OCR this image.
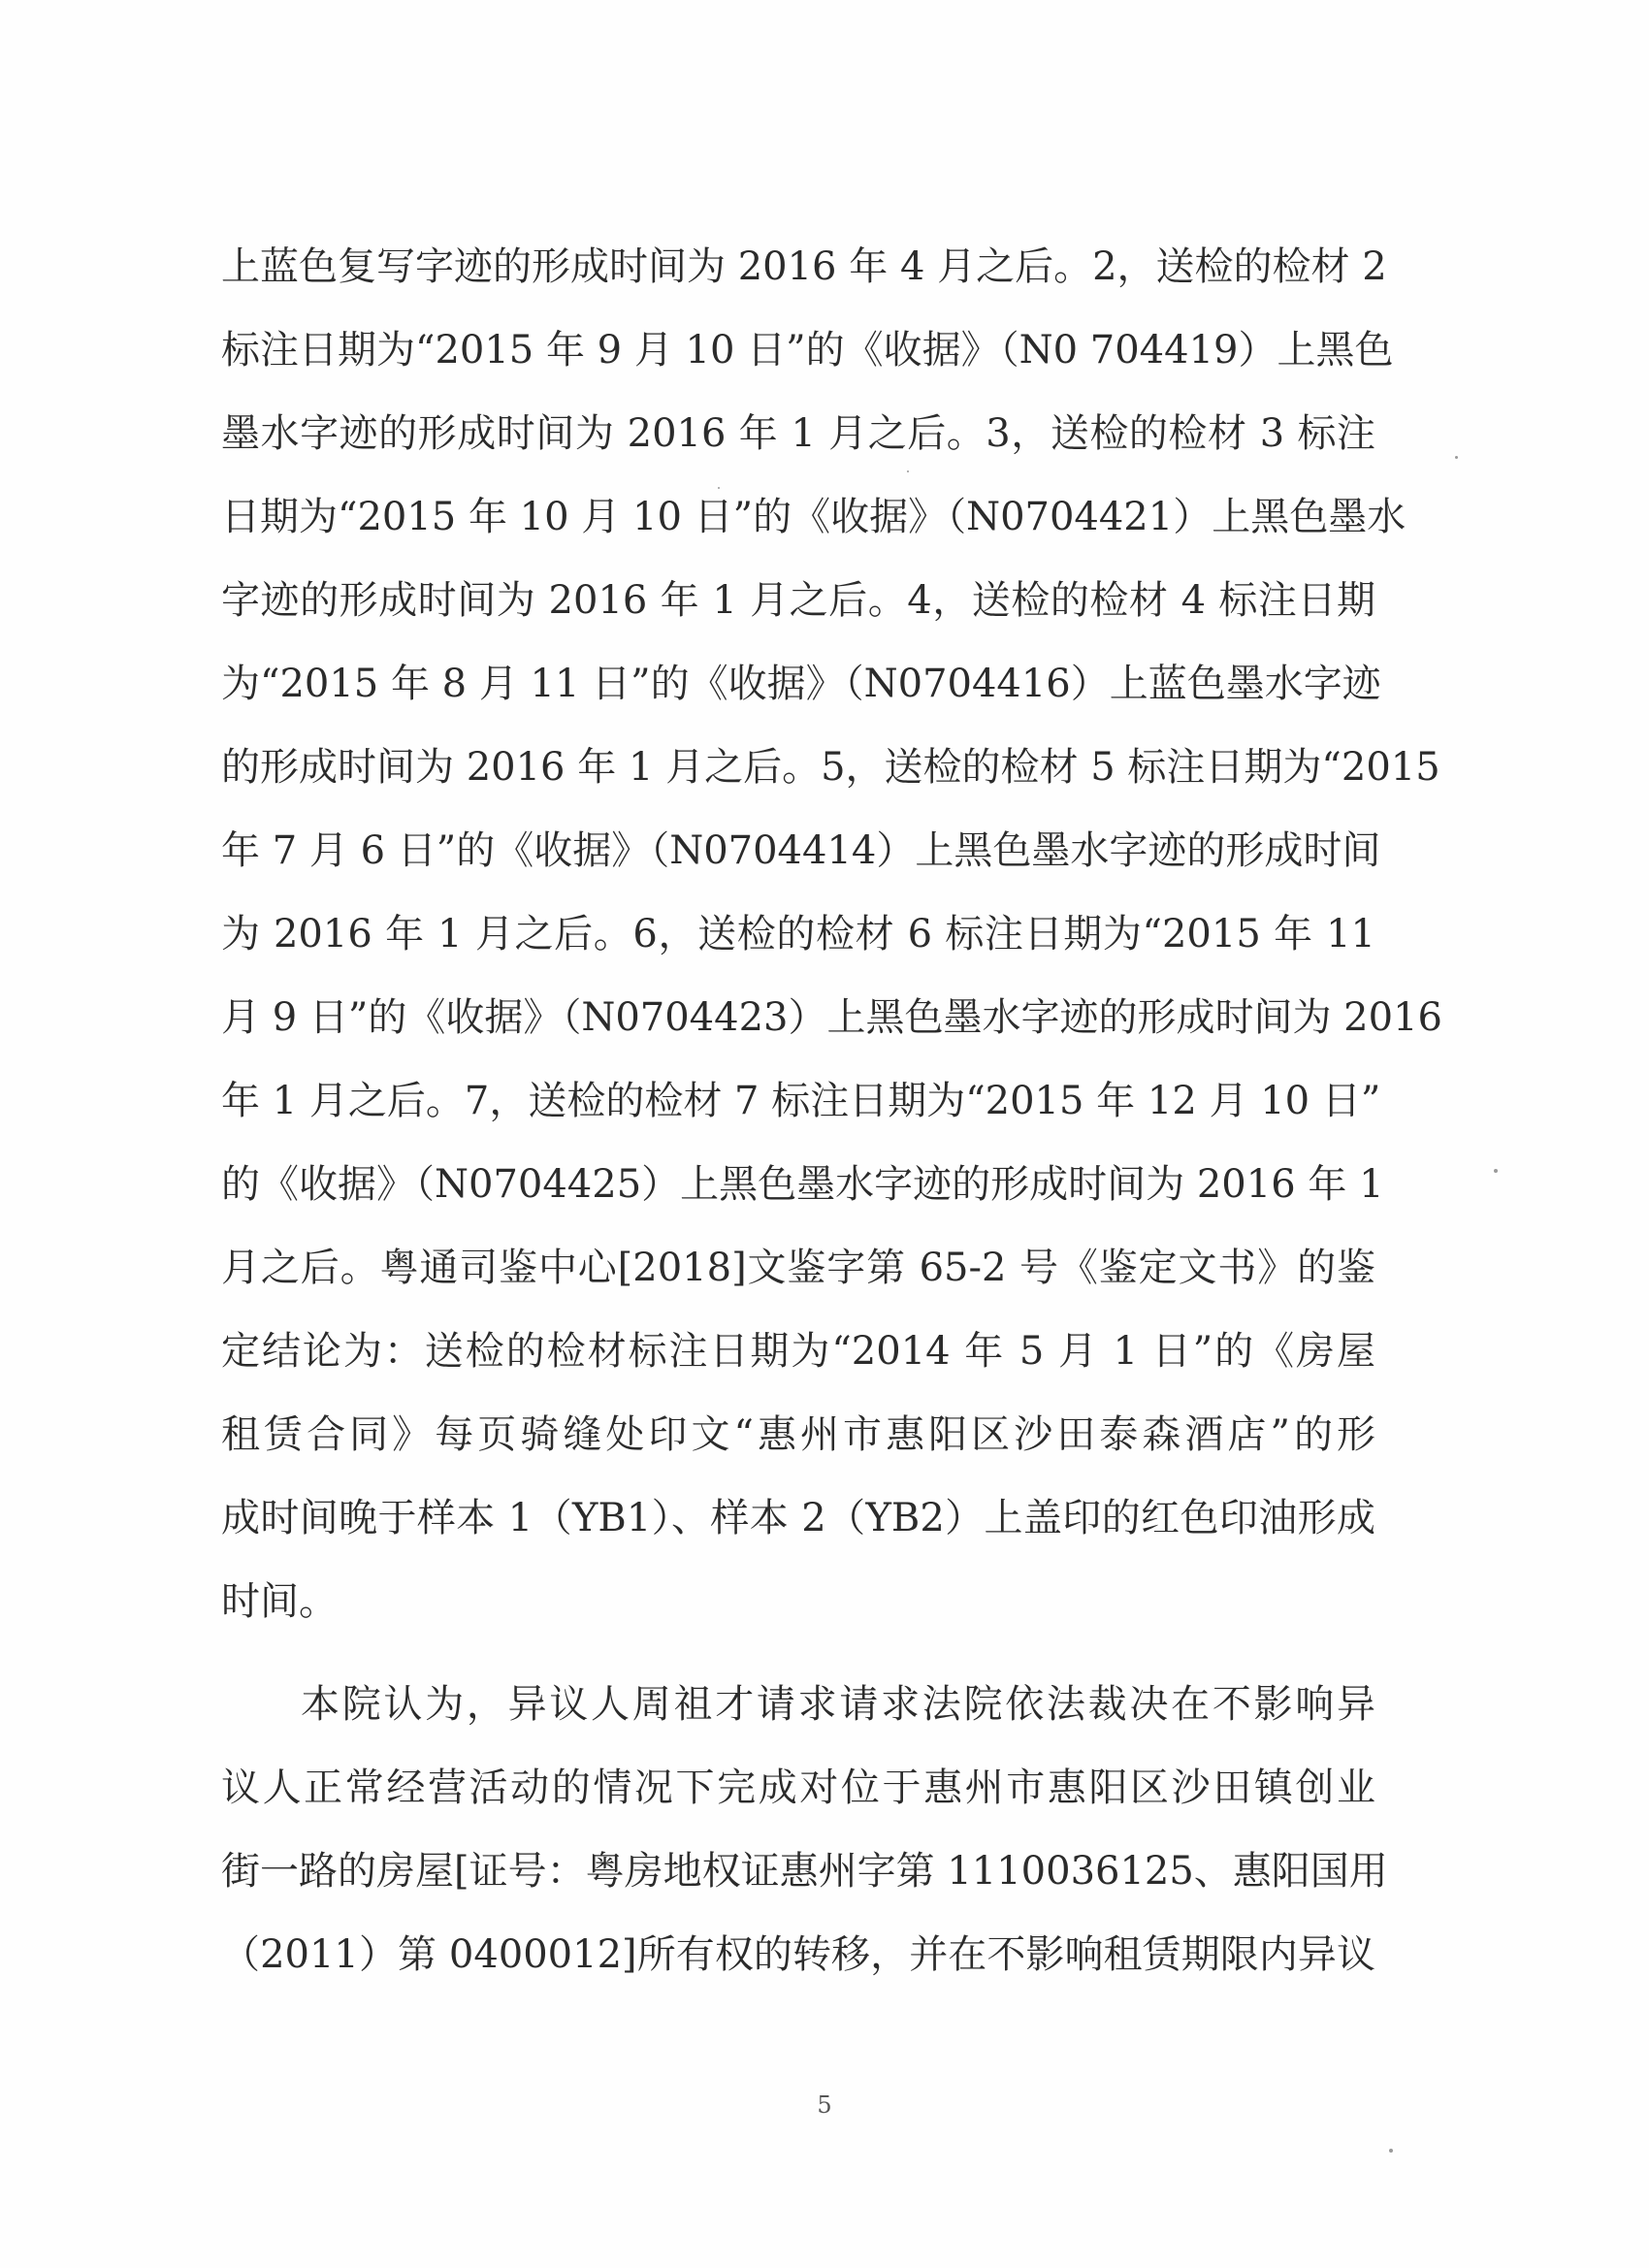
上蓝色复写字迹的形成时间为 2016 年 4 月之后。2，送检的检材 2
标注日期为“2015 年 9 月 10 日”的《收据》（N0 704419）上黑色
墨水字迹的形成时间为 2016 年 1 月之后。3，送检的检材 3 标注
日期为“2015 年 10 月 10 日”的《收据》（N0704421）上黑色墨水
字迹的形成时间为 2016 年 1 月之后。4，送检的检材 4 标注日期
为“2015 年 8 月 11 日”的《收据》（N0704416）上蓝色墨水字迹
的形成时间为 2016 年 1 月之后。5，送检的检材 5 标注日期为“2015
年 7 月 6 日”的《收据》（N0704414）上黑色墨水字迹的形成时间
为 2016 年 1 月之后。6，送检的检材 6 标注日期为“2015 年 11
月 9 日”的《收据》（N0704423）上黑色墨水字迹的形成时间为 2016
年 1 月之后。7，送检的检材 7 标注日期为“2015 年 12 月 10 日”
的《收据》（N0704425）上黑色墨水字迹的形成时间为 2016 年 1
月之后。粤通司鉴中心[2018]文鉴字第 65-2 号《鉴定文书》的鉴
定结论为：送检的检材标注日期为“2014 年 5 月 1 日”的《房屋
租赁合同》每页骑缝处印文“惠州市惠阳区沙田泰森酒店”的形
成时间晚于样本 1（YB1）、样本 2（YB2）上盖印的红色印油形成
时间。
本院认为，异议人周祖才请求请求法院依法裁决在不影响异
议人正常经营活动的情况下完成对位于惠州市惠阳区沙田镇创业
街一路的房屋[证号：粤房地权证惠州字第 1110036125、惠阳国用
（2011）第 0400012]所有权的转移，并在不影响租赁期限内异议
5
